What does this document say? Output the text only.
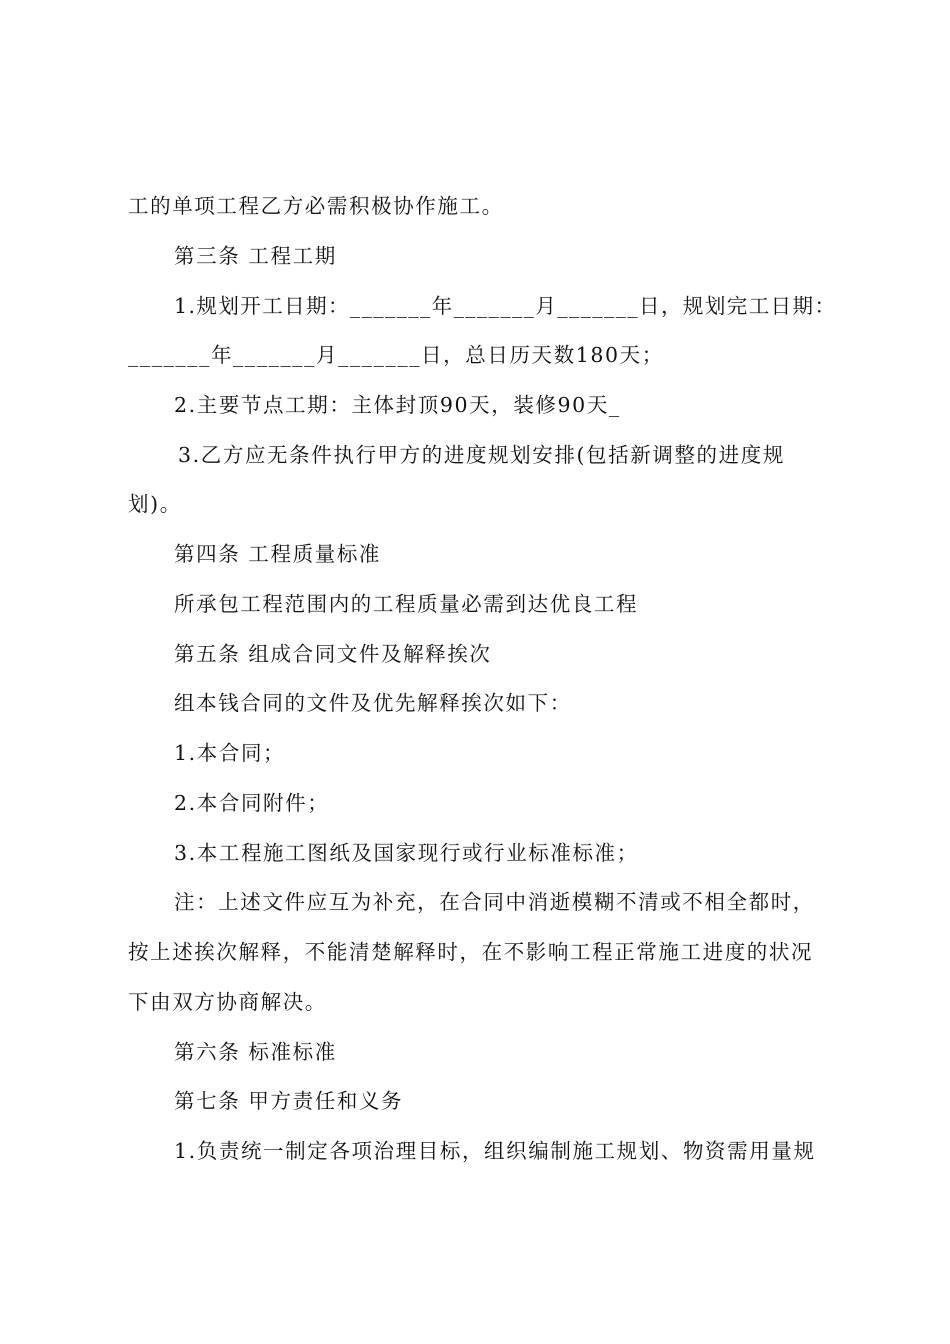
工的单项工程乙方必需积极协作施工。
第三条 工程工期
1.规划开工日期：_______年_______月_______日，规划完工日期：
_______年_______月_______日，总日历天数180天；
2.主要节点工期：主体封顶90天，装修90天_
3.乙方应无条件执行甲方的进度规划安排(包括新调整的进度规
划)。
第四条 工程质量标准
所承包工程范围内的工程质量必需到达优良工程
第五条 组成合同文件及解释挨次
组本钱合同的文件及优先解释挨次如下：
1.本合同；
2.本合同附件；
3.本工程施工图纸及国家现行或行业标准标准；
注：上述文件应互为补充，在合同中消逝模糊不清或不相全都时，
按上述挨次解释，不能清楚解释时，在不影响工程正常施工进度的状况
下由双方协商解决。
第六条 标准标准
第七条 甲方责任和义务
1.负责统一制定各项治理目标，组织编制施工规划、物资需用量规
